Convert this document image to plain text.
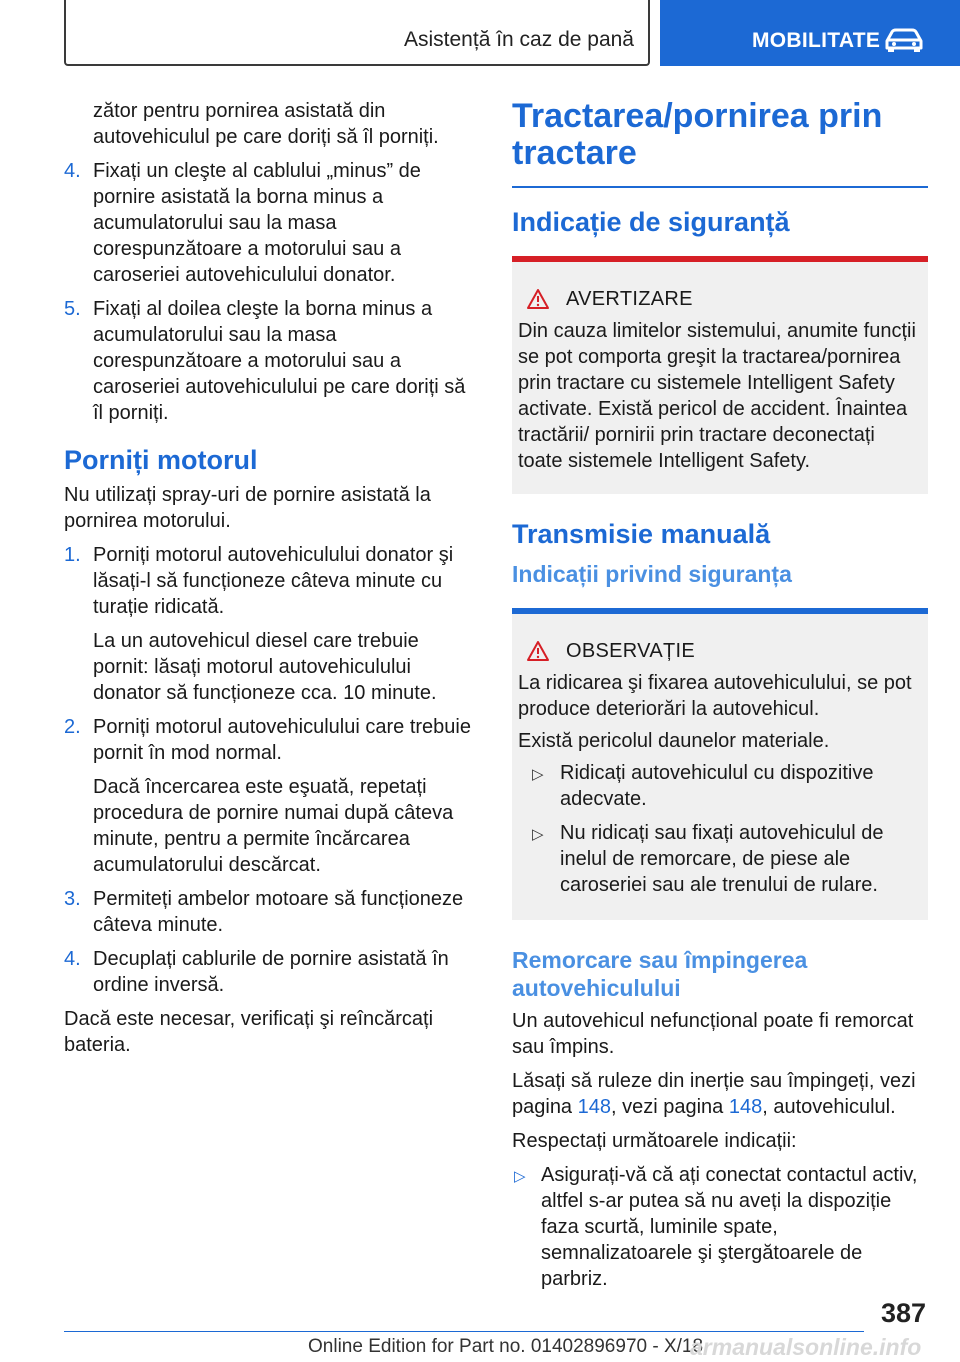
Asistență în caz de pană	MOBILITATE

zător pentru pornirea asistată din autovehiculul pe care doriți să îl porniți.

4. Fixați un cleşte al cablului „minus” de pornire asistată la borna minus a acumulatorului sau la masa corespunzătoare a motorului sau a caroseriei autovehiculului donator.

5. Fixați al doilea cleşte la borna minus a acumulatorului sau la masa corespunzătoare a motorului sau a caroseriei autovehiculului pe care doriți să îl porniți.

Porniți motorul

Nu utilizați spray-uri de pornire asistată la pornirea motorului.

1. Porniți motorul autovehiculului donator şi lăsați-l să funcționeze câteva minute cu turație ridicată.

La un autovehicul diesel care trebuie pornit: lăsați motorul autovehiculului donator să funcționeze cca. 10 minute.

2. Porniți motorul autovehiculului care trebuie pornit în mod normal.

Dacă încercarea este eşuată, repetați procedura de pornire numai după câteva minute, pentru a permite încărcarea acumulatorului descărcat.

3. Permiteți ambelor motoare să funcționeze câteva minute.

4. Decuplați cablurile de pornire asistată în ordine inversă.

Dacă este necesar, verificați şi reîncărcați bateria.

Tractarea/pornirea prin tractare
Indicație de siguranță
AVERTIZARE

Din cauza limitelor sistemului, anumite funcții se pot comporta greşit la tractarea/pornirea prin tractare cu sistemele Intelligent Safety activate. Există pericol de accident. Înaintea tractării/ pornirii prin tractare deconectați toate sistemele Intelligent Safety.

Transmisie manuală
Indicații privind siguranța
OBSERVAȚIE

La ridicarea şi fixarea autovehiculului, se pot produce deteriorări la autovehicul.

Există pericolul daunelor materiale.

▷ Ridicați autovehiculul cu dispozitive adecvate.

▷ Nu ridicați sau fixați autovehiculul de inelul de remorcare, de piese ale caroseriei sau ale trenului de rulare.

Remorcare sau împingerea autovehiculului

Un autovehicul nefuncțional poate fi remorcat sau împins.

Lăsați să ruleze din inerție sau împingeți, vezi pagina 148, vezi pagina 148, autovehiculul.

Respectați următoarele indicații:

▷ Asigurați-vă că ați conectat contactul activ, altfel s-ar putea să nu aveți la dispoziție faza scurtă, luminile spate, semnalizatoarele şi ştergătoarele de parbriz.

387
Online Edition for Part no. 01402896970 - X/18
armanualsonline.info
